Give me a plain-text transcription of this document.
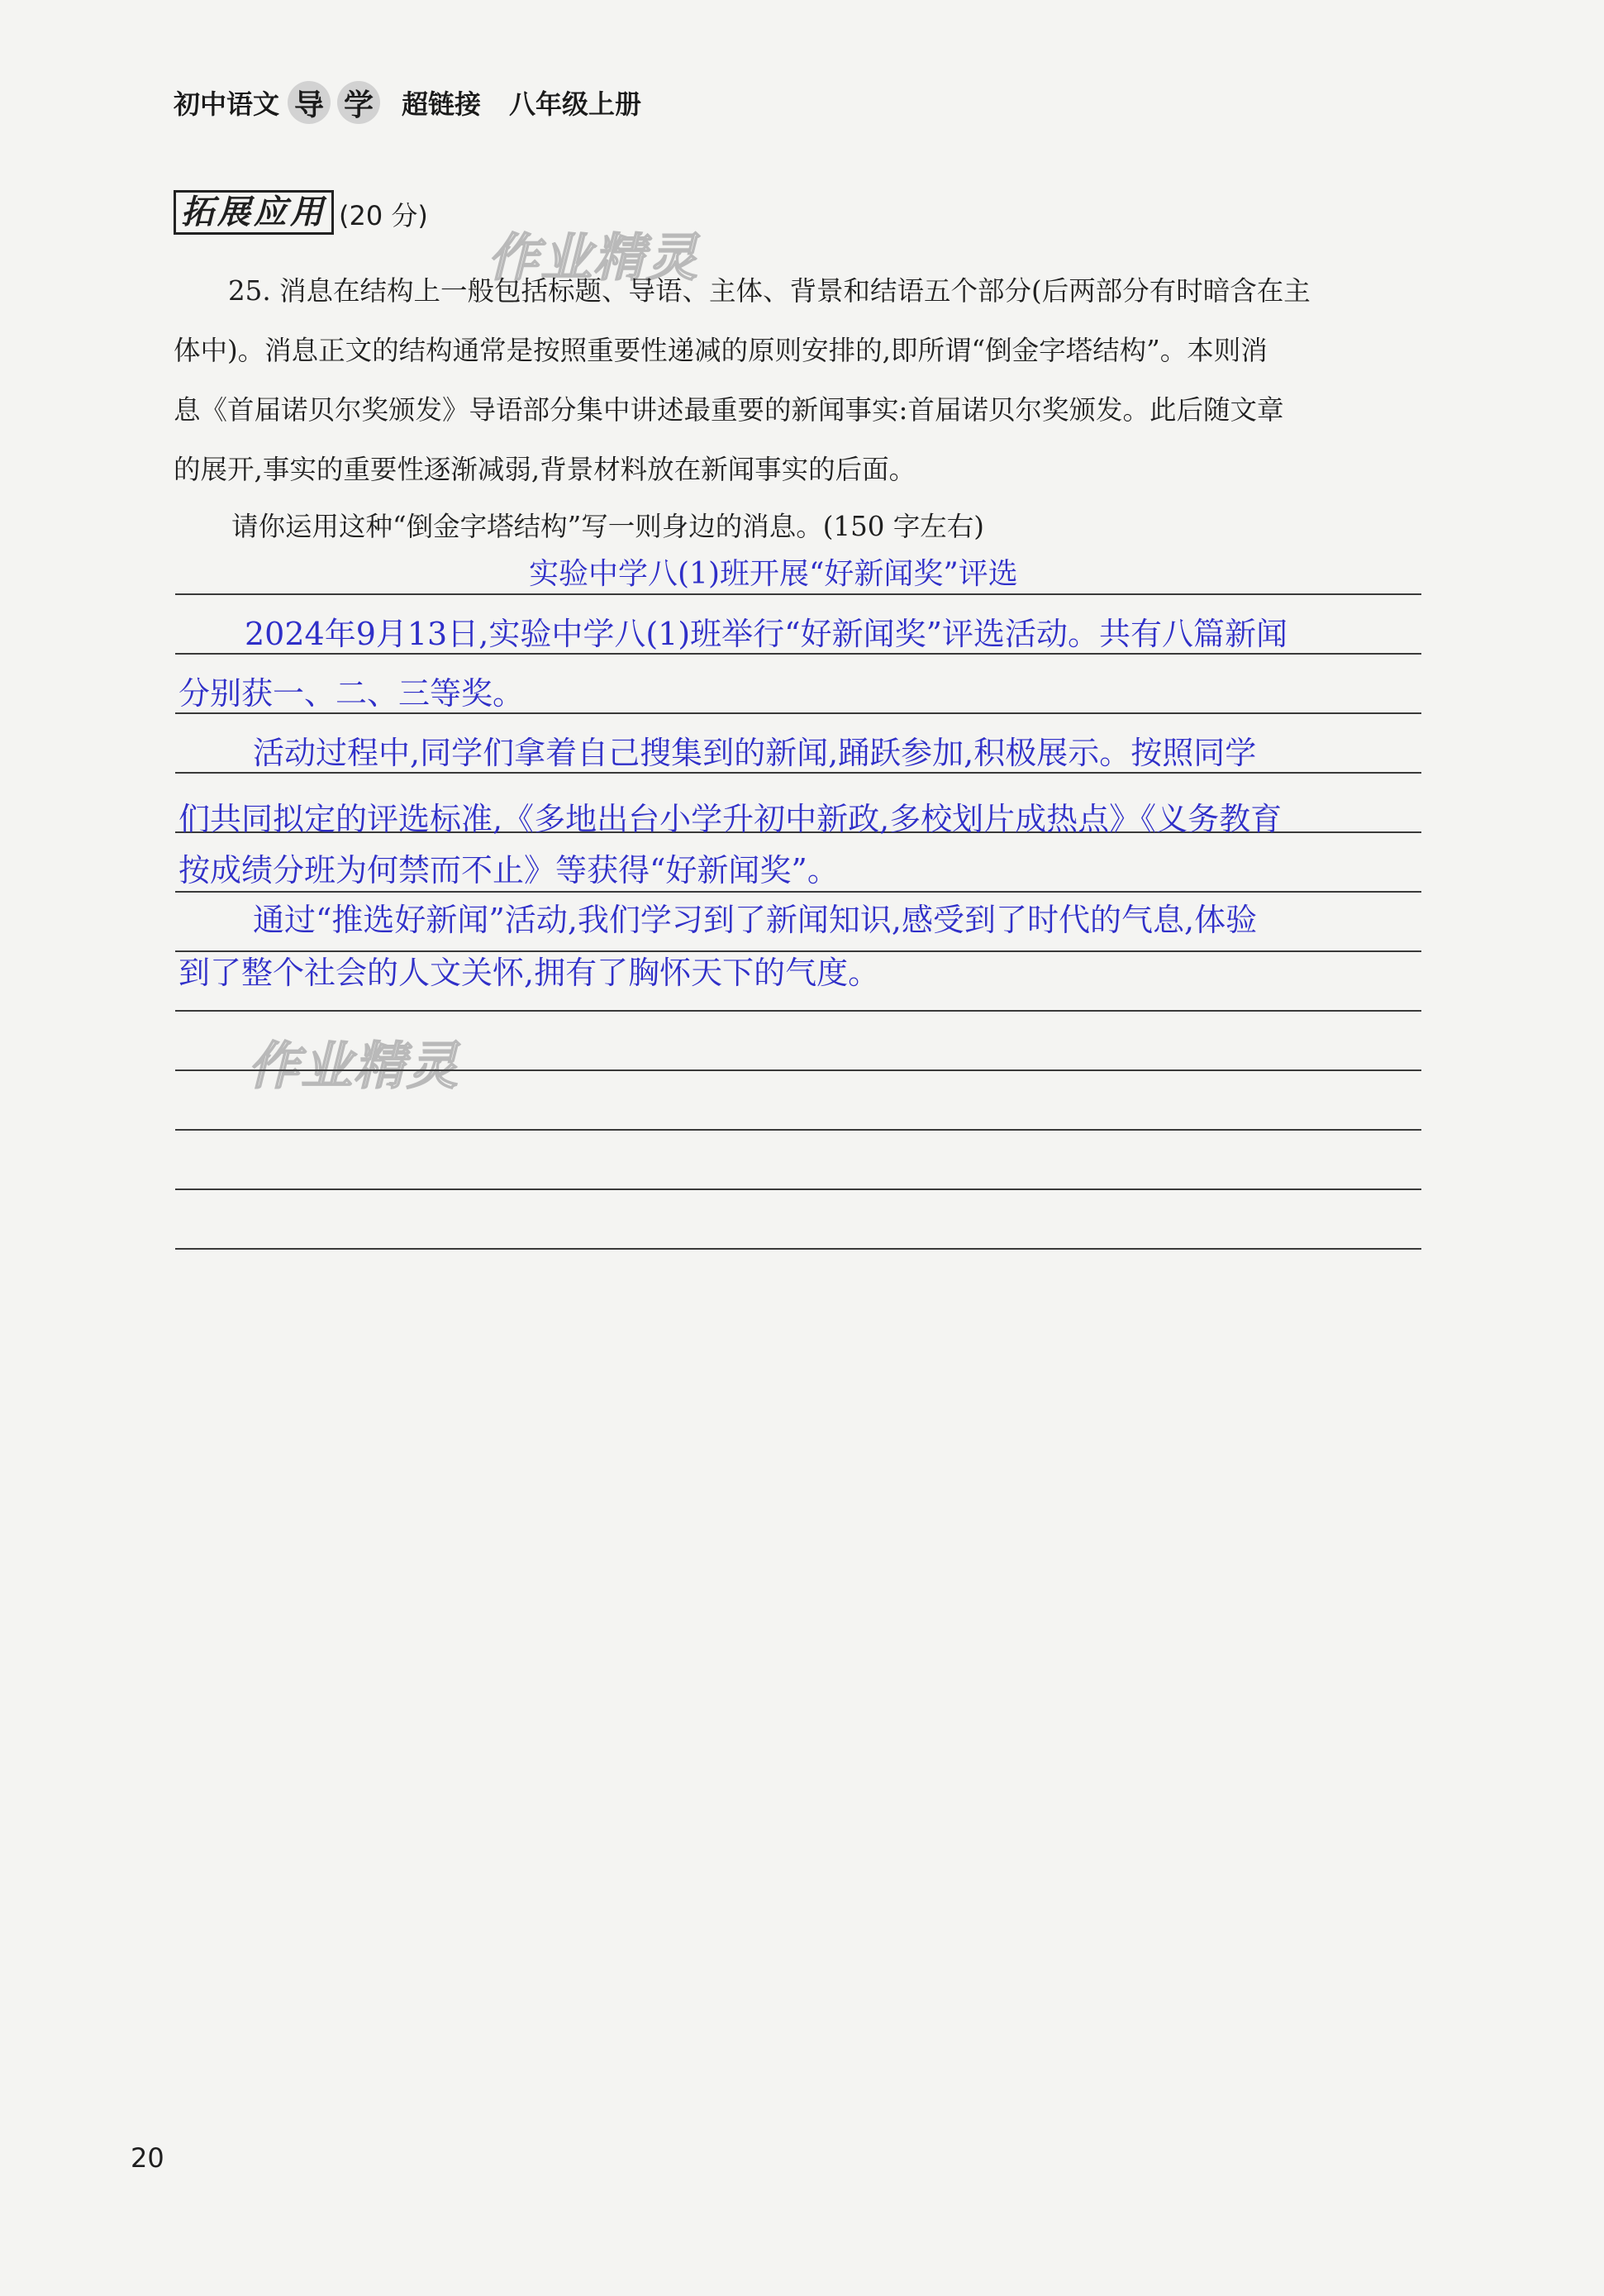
初中语文 导 学 超链接 八年级上册
拓展应用 (20 分)
作业精灵
作业精灵
25. 消息在结构上一般包括标题、导语、主体、背景和结语五个部分(后两部分有时暗含在主
体中)。消息正文的结构通常是按照重要性递减的原则安排的,即所谓“倒金字塔结构”。本则消
息《首届诺贝尔奖颁发》导语部分集中讲述最重要的新闻事实:首届诺贝尔奖颁发。此后随文章
的展开,事实的重要性逐渐减弱,背景材料放在新闻事实的后面。
请你运用这种“倒金字塔结构”写一则身边的消息。(150 字左右)
实验中学八(1)班开展“好新闻奖”评选
2024年9月13日,实验中学八(1)班举行“好新闻奖”评选活动。共有八篇新闻
分别获一、二、三等奖。
活动过程中,同学们拿着自己搜集到的新闻,踊跃参加,积极展示。按照同学
们共同拟定的评选标准,《多地出台小学升初中新政,多校划片成热点》《义务教育
按成绩分班为何禁而不止》等获得“好新闻奖”。
通过“推选好新闻”活动,我们学习到了新闻知识,感受到了时代的气息,体验
到了整个社会的人文关怀,拥有了胸怀天下的气度。
20
